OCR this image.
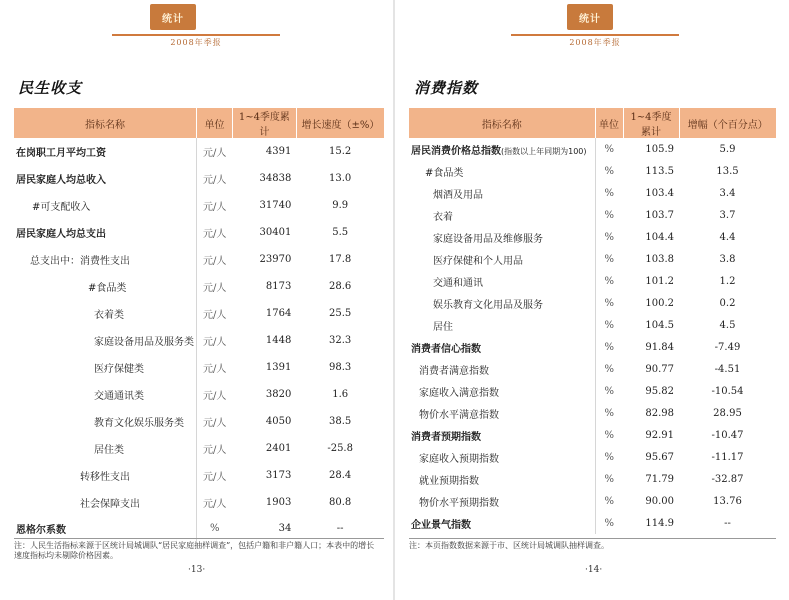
统计
2008年季报
民生收支
指标名称	单位	1~4季度累计	增长速度（±%）
在岗职工月平均工资	元/人	4391	15.2
居民家庭人均总收入	元/人	34838	13.0
#可支配收入	元/人	31740	9.9
居民家庭人均总支出	元/人	30401	5.5
总支出中：消费性支出	元/人	23970	17.8
#食品类	元/人	8173	28.6
衣着类	元/人	1764	25.5
家庭设备用品及服务类	元/人	1448	32.3
医疗保健类	元/人	1391	98.3
交通通讯类	元/人	3820	1.6
教育文化娱乐服务类	元/人	4050	38.5
居住类	元/人	2401	-25.8
转移性支出	元/人	3173	28.4
社会保障支出	元/人	1903	80.8
恩格尔系数	%	34	--
注：人民生活指标来源于区统计局城调队“居民家庭抽样调查”，包括户籍和非户籍人口；本表中的增长速度指标均未剔除价格因素。
·13·
统计
2008年季报
消费指数
指标名称	单位	1~4季度累计	增幅（个百分点）
居民消费价格总指数(指数以上年同期为100)	%	105.9	5.9
#食品类	%	113.5	13.5
烟酒及用品	%	103.4	3.4
衣着	%	103.7	3.7
家庭设备用品及维修服务	%	104.4	4.4
医疗保健和个人用品	%	103.8	3.8
交通和通讯	%	101.2	1.2
娱乐教育文化用品及服务	%	100.2	0.2
居住	%	104.5	4.5
消费者信心指数	%	91.84	-7.49
消费者满意指数	%	90.77	-4.51
家庭收入满意指数	%	95.82	-10.54
物价水平满意指数	%	82.98	28.95
消费者预期指数	%	92.91	-10.47
家庭收入预期指数	%	95.67	-11.17
就业预期指数	%	71.79	-32.87
物价水平预期指数	%	90.00	13.76
企业景气指数	%	114.9	--
注：本页指数数据来源于市、区统计局城调队抽样调查。
·14·
